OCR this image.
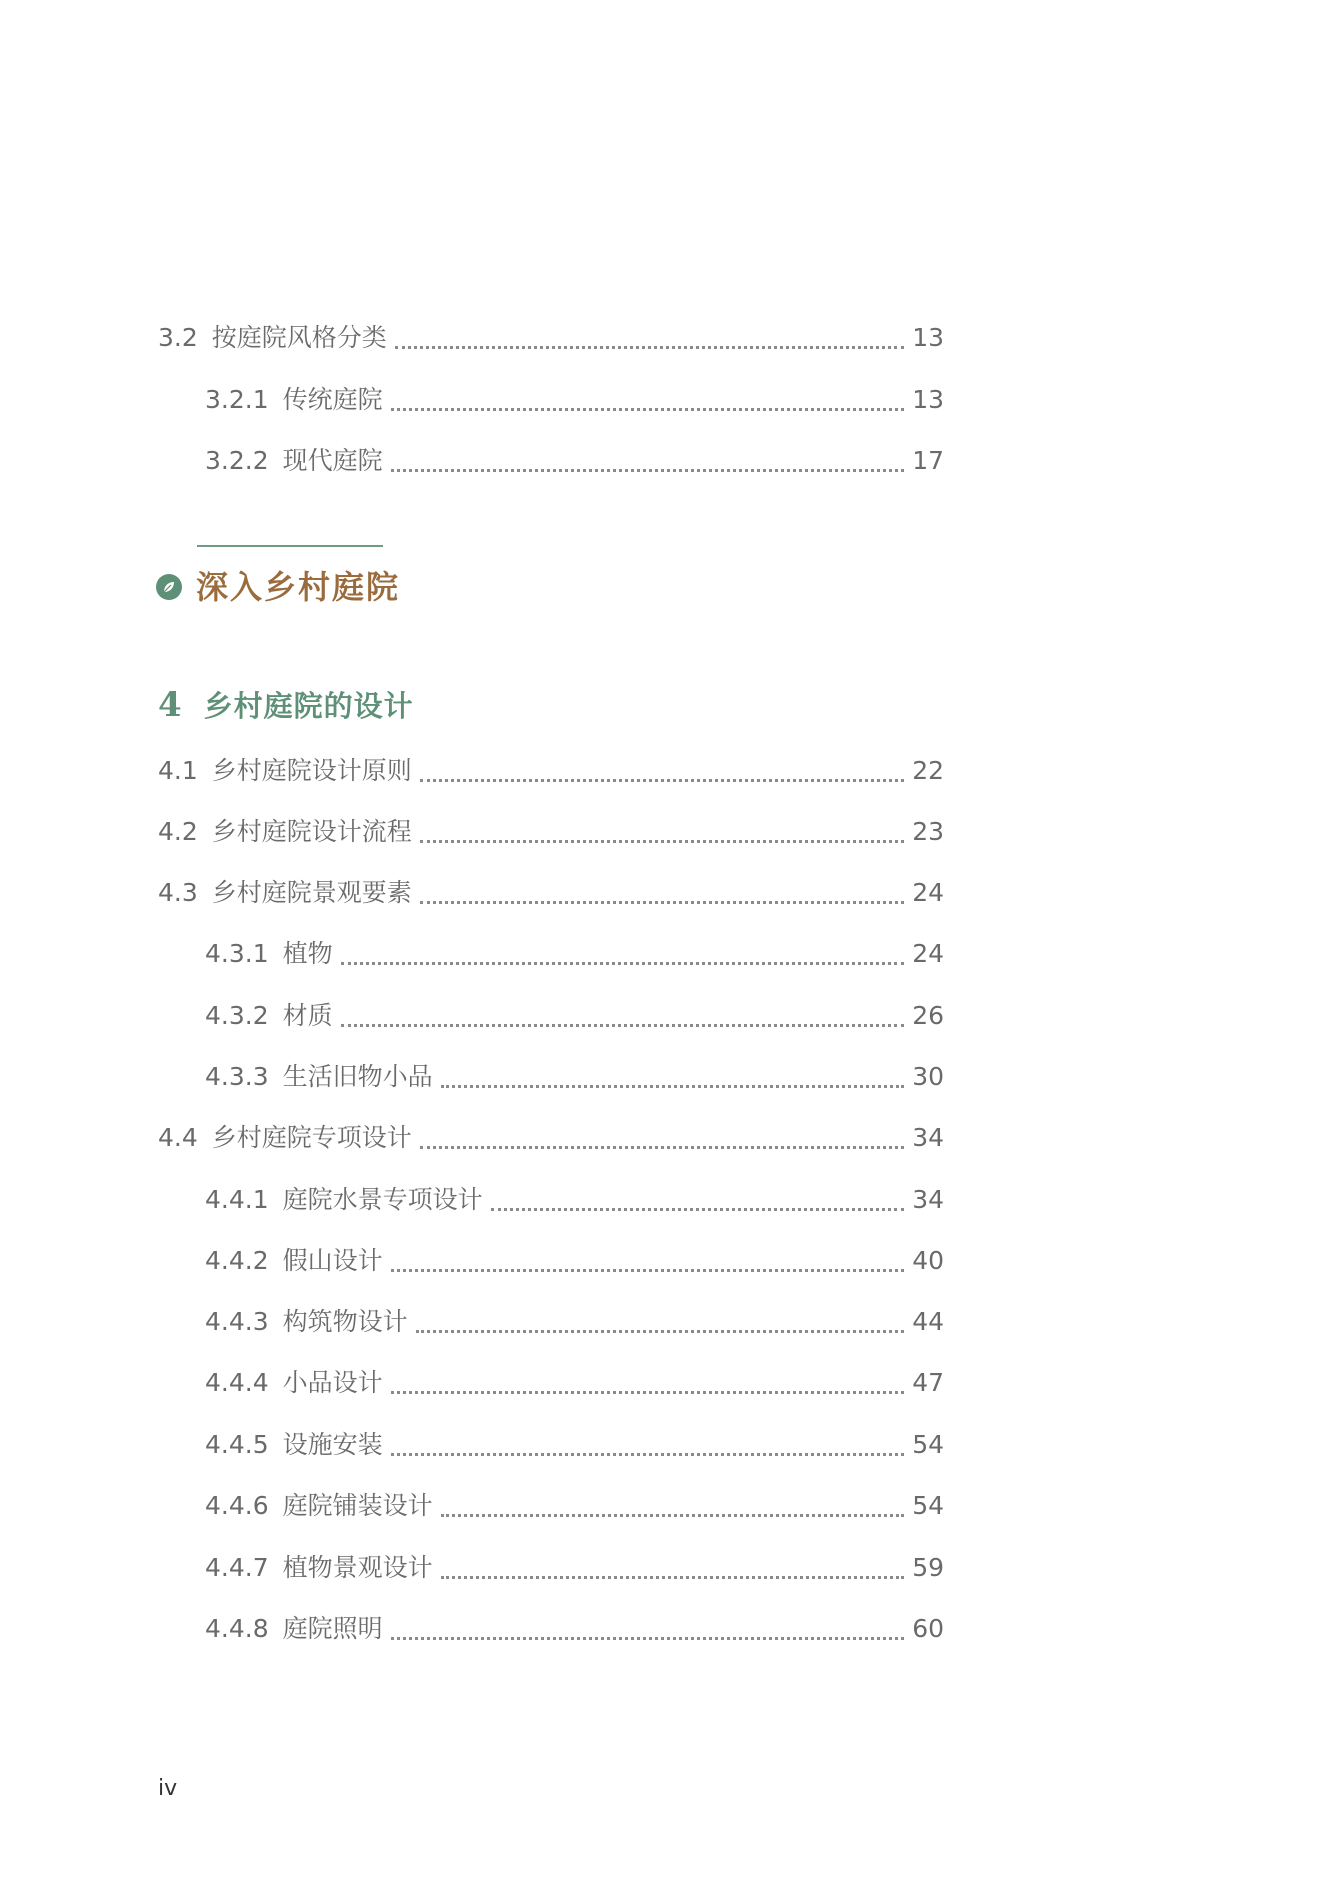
3.2 按庭院风格分类	13
3.2.1 传统庭院	13
3.2.2 现代庭院	17
深入乡村庭院
4 乡村庭院的设计
4.1 乡村庭院设计原则	22
4.2 乡村庭院设计流程	23
4.3 乡村庭院景观要素	24
4.3.1 植物	24
4.3.2 材质	26
4.3.3 生活旧物小品	30
4.4 乡村庭院专项设计	34
4.4.1 庭院水景专项设计	34
4.4.2 假山设计	40
4.4.3 构筑物设计	44
4.4.4 小品设计	47
4.4.5 设施安装	54
4.4.6 庭院铺装设计	54
4.4.7 植物景观设计	59
4.4.8 庭院照明	60
iv
